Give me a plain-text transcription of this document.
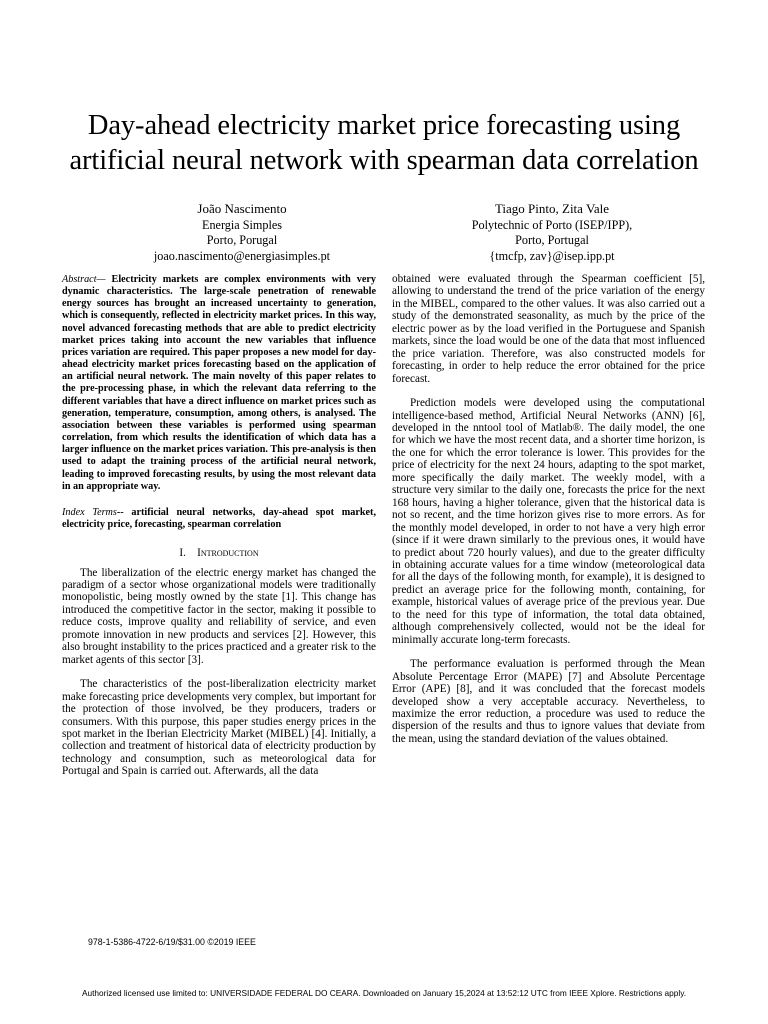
Day-ahead electricity market price forecasting using
artificial neural network with spearman data correlation
João Nascimento
Energia Simples
Porto, Porugal
joao.nascimento@energiasimples.pt
Tiago Pinto, Zita Vale
Polytechnic of Porto (ISEP/IPP),
Porto, Portugal
{tmcfp, zav}@isep.ipp.pt

Abstract— Electricity markets are complex environments with very dynamic characteristics. The large-scale penetration of renewable energy sources has brought an increased uncertainty to generation, which is consequently, reflected in electricity market prices. In this way, novel advanced forecasting methods that are able to predict electricity market prices taking into account the new variables that influence prices variation are required. This paper proposes a new model for day-ahead electricity market prices forecasting based on the application of an artificial neural network. The main novelty of this paper relates to the pre-processing phase, in which the relevant data referring to the different variables that have a direct influence on market prices such as generation, temperature, consumption, among others, is analysed. The association between these variables is performed using spearman correlation, from which results the identification of which data has a larger influence on the market prices variation. This pre-analysis is then used to adapt the training process of the artificial neural network, leading to improved forecasting results, by using the most relevant data in an appropriate way.

Index Terms-- artificial neural networks, day-ahead spot market, electricity price, forecasting, spearman correlation

I. Introduction

The liberalization of the electric energy market has changed the paradigm of a sector whose organizational models were traditionally monopolistic, being mostly owned by the state [1]. This change has introduced the competitive factor in the sector, making it possible to reduce costs, improve quality and reliability of service, and even promote innovation in new products and services [2]. However, this also brought instability to the prices practiced and a greater risk to the market agents of this sector [3].

The characteristics of the post-liberalization electricity market make forecasting price developments very complex, but important for the protection of those involved, be they producers, traders or consumers. With this purpose, this paper studies energy prices in the spot market in the Iberian Electricity Market (MIBEL) [4]. Initially, a collection and treatment of historical data of electricity production by technology and consumption, such as meteorological data for Portugal and Spain is carried out. Afterwards, all the data

obtained were evaluated through the Spearman coefficient [5], allowing to understand the trend of the price variation of the energy in the MIBEL, compared to the other values. It was also carried out a study of the demonstrated seasonality, as much by the price of the electric power as by the load verified in the Portuguese and Spanish markets, since the load would be one of the data that most influenced the price variation. Therefore, was also constructed models for forecasting, in order to help reduce the error obtained for the price forecast.

Prediction models were developed using the computational intelligence-based method, Artificial Neural Networks (ANN) [6], developed in the nntool tool of Matlab®. The daily model, the one for which we have the most recent data, and a shorter time horizon, is the one for which the error tolerance is lower. This provides for the price of electricity for the next 24 hours, adapting to the spot market, more specifically the daily market. The weekly model, with a structure very similar to the daily one, forecasts the price for the next 168 hours, having a higher tolerance, given that the historical data is not so recent, and the time horizon gives rise to more errors. As for the monthly model developed, in order to not have a very high error (since if it were drawn similarly to the previous ones, it would have to predict about 720 hourly values), and due to the greater difficulty in obtaining accurate values for a time window (meteorological data for all the days of the following month, for example), it is designed to predict an average price for the following month, containing, for example, historical values of average price of the previous year. Due to the need for this type of information, the total data obtained, although comprehensively collected, would not be the ideal for minimally accurate long-term forecasts.

The performance evaluation is performed through the Mean Absolute Percentage Error (MAPE) [7] and Absolute Percentage Error (APE) [8], and it was concluded that the forecast models developed show a very acceptable accuracy. Nevertheless, to maximize the error reduction, a procedure was used to reduce the dispersion of the results and thus to ignore values that deviate from the mean, using the standard deviation of the values obtained.

978-1-5386-4722-6/19/$31.00 ©2019 IEEE
Authorized licensed use limited to: UNIVERSIDADE FEDERAL DO CEARA. Downloaded on January 15,2024 at 13:52:12 UTC from IEEE Xplore. Restrictions apply.
